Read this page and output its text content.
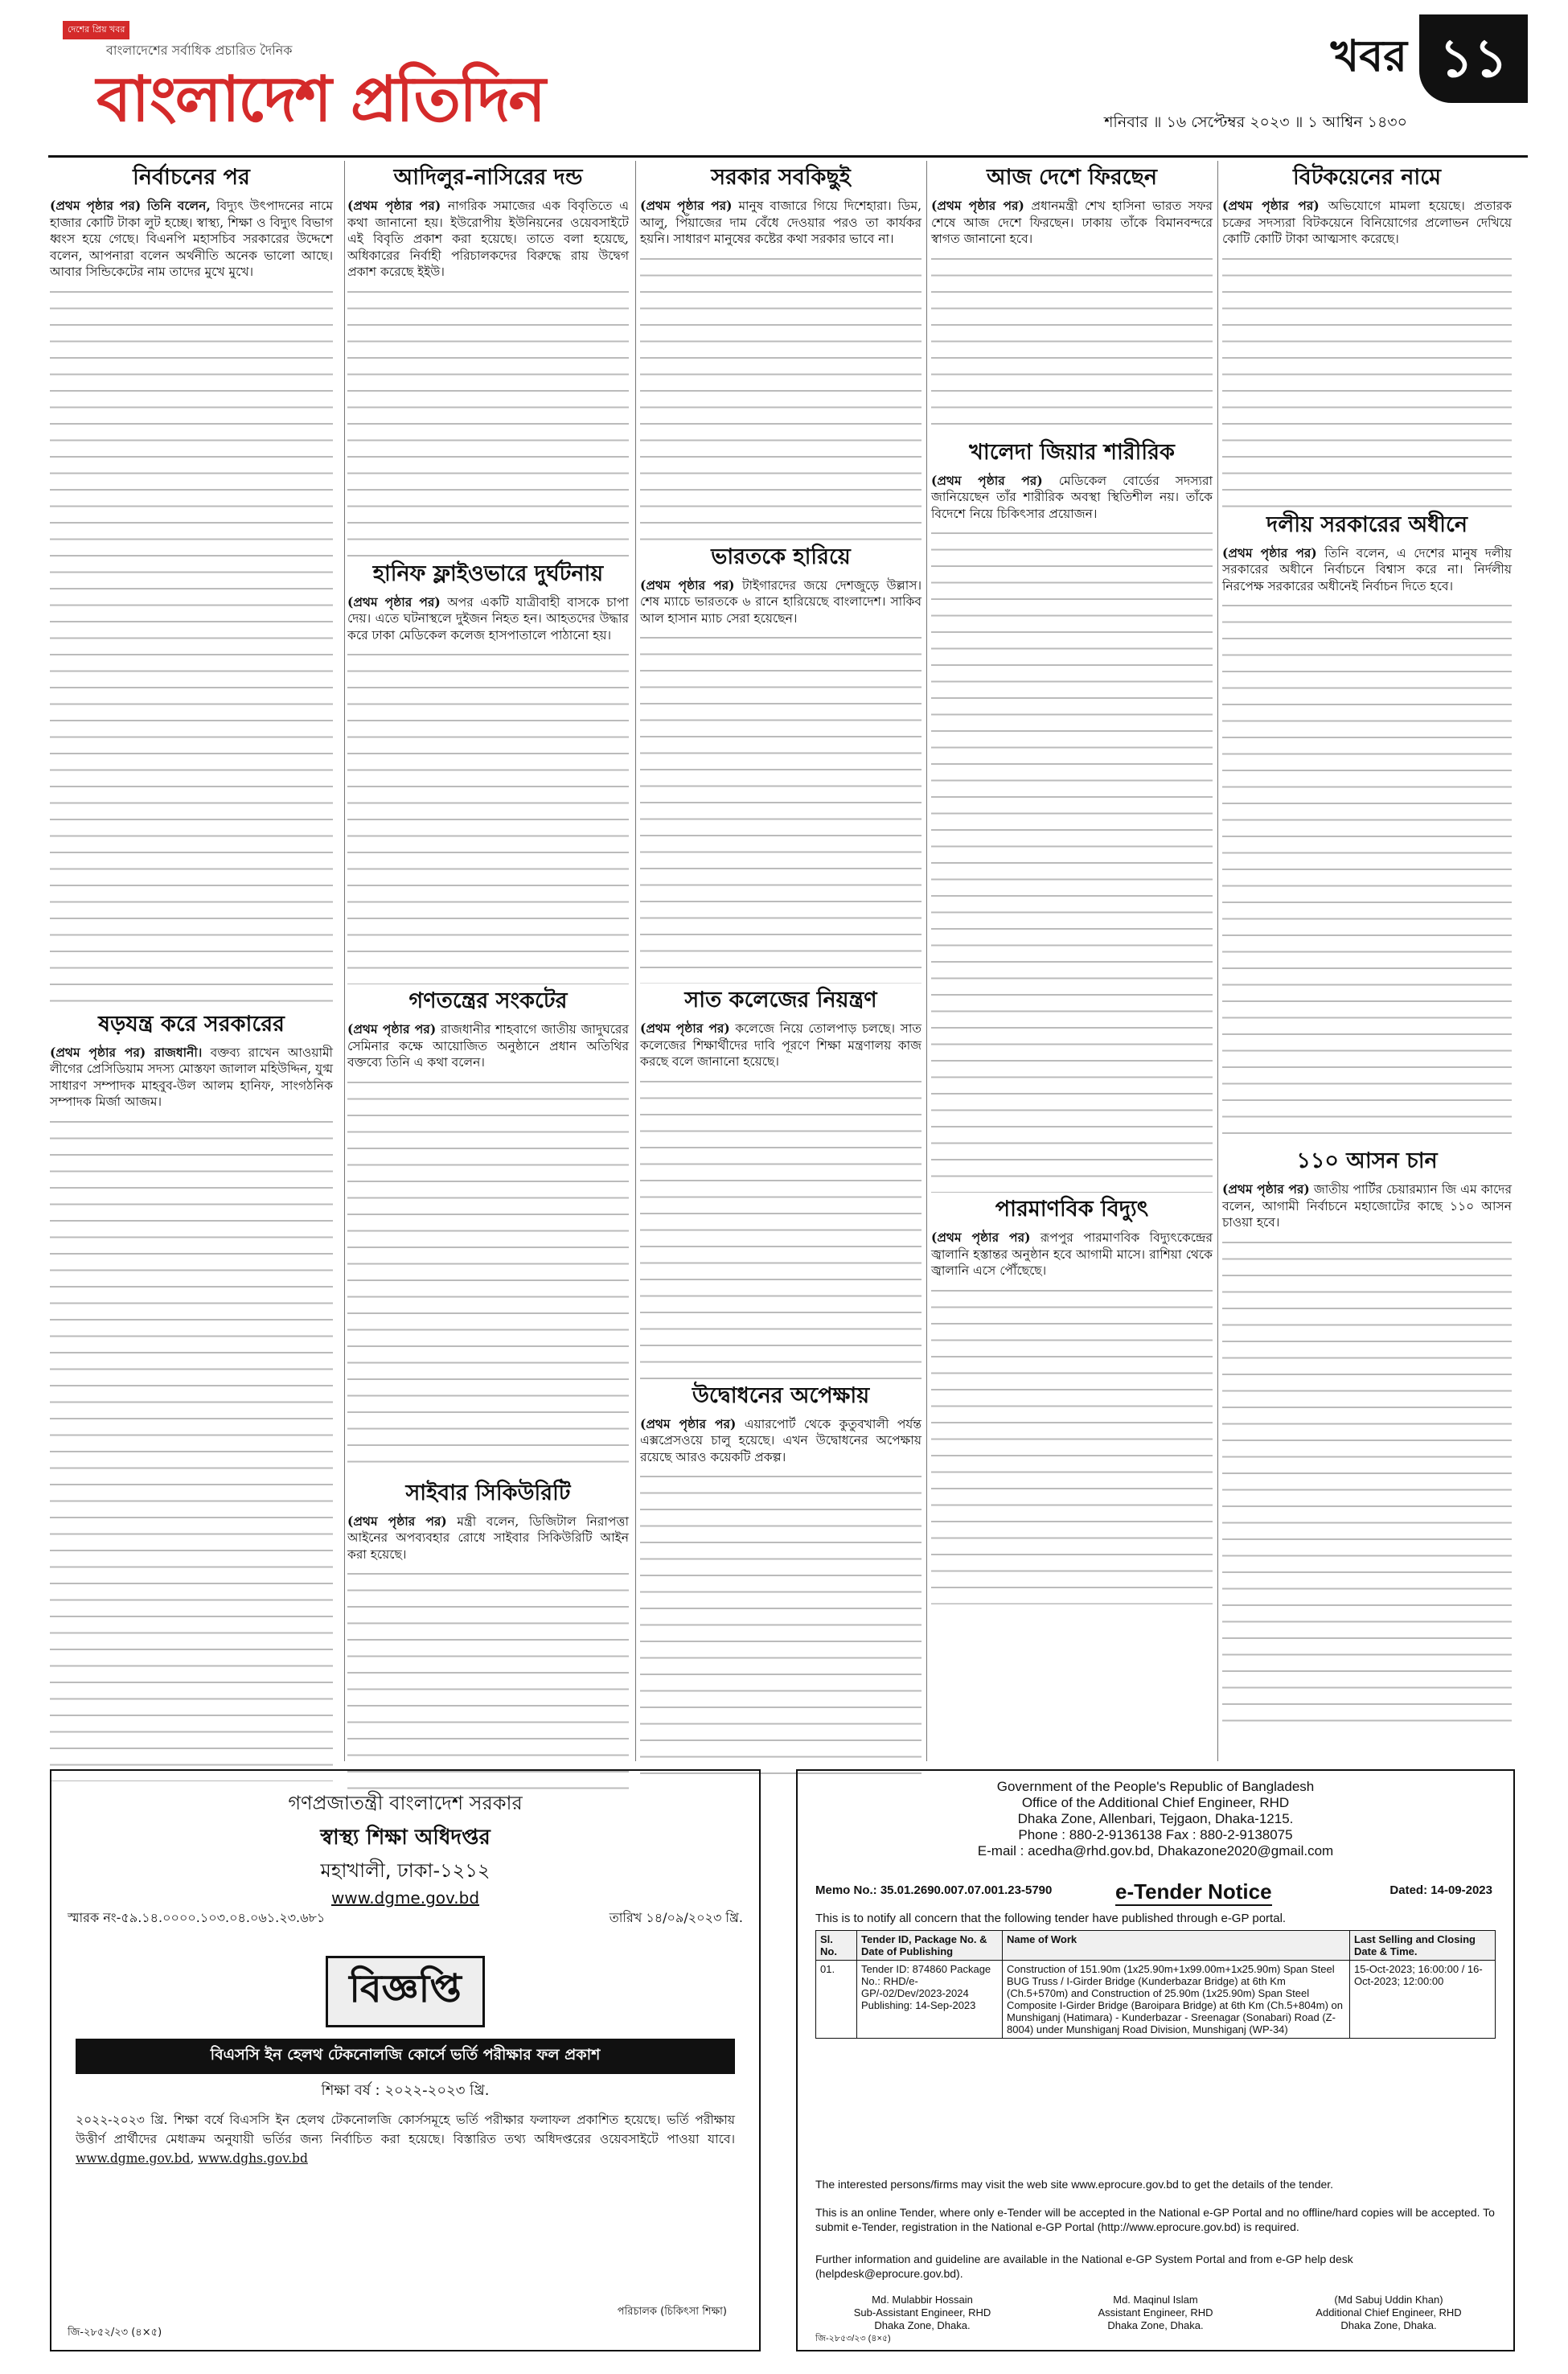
দেশের প্রিয় খবর
বাংলাদেশের সর্বাধিক প্রচারিত দৈনিক
বাংলাদেশ প্রতিদিন
খবর ১১
শনিবার ॥ ১৬ সেপ্টেম্বর ২০২৩ ॥ ১ আশ্বিন ১৪৩০
নির্বাচনের পর

(প্রথম পৃষ্ঠার পর) তিনি বলেন, বিদ্যুৎ উৎপাদনের নামে হাজার কোটি টাকা লুট হচ্ছে। স্বাস্থ্য, শিক্ষা ও বিদ্যুৎ বিভাগ ধ্বংস হয়ে গেছে। বিএনপি মহাসচিব সরকারের উদ্দেশে বলেন, আপনারা বলেন অর্থনীতি অনেক ভালো আছে। আবার সিন্ডিকেটের নাম তাদের মুখে মুখে।

ষড়যন্ত্র করে সরকারের

(প্রথম পৃষ্ঠার পর) রাজধানী। বক্তব্য রাখেন আওয়ামী লীগের প্রেসিডিয়াম সদস্য মোস্তফা জালাল মহিউদ্দিন, যুগ্ম সাধারণ সম্পাদক মাহবুব-উল আলম হানিফ, সাংগঠনিক সম্পাদক মির্জা আজম।

আদিলুর-নাসিরের দন্ড

(প্রথম পৃষ্ঠার পর) নাগরিক সমাজের এক বিবৃতিতে এ কথা জানানো হয়। ইউরোপীয় ইউনিয়নের ওয়েবসাইটে এই বিবৃতি প্রকাশ করা হয়েছে। তাতে বলা হয়েছে, অধিকারের নির্বাহী পরিচালকদের বিরুদ্ধে রায় উদ্বেগ প্রকাশ করেছে ইইউ।

হানিফ ফ্লাইওভারে দুর্ঘটনায়

(প্রথম পৃষ্ঠার পর) অপর একটি যাত্রীবাহী বাসকে চাপা দেয়। এতে ঘটনাস্থলে দুইজন নিহত হন। আহতদের উদ্ধার করে ঢাকা মেডিকেল কলেজ হাসপাতালে পাঠানো হয়।

গণতন্ত্রের সংকটের

(প্রথম পৃষ্ঠার পর) রাজধানীর শাহবাগে জাতীয় জাদুঘরের সেমিনার কক্ষে আয়োজিত অনুষ্ঠানে প্রধান অতিথির বক্তব্যে তিনি এ কথা বলেন।

সাইবার সিকিউরিটি

(প্রথম পৃষ্ঠার পর) মন্ত্রী বলেন, ডিজিটাল নিরাপত্তা আইনের অপব্যবহার রোধে সাইবার সিকিউরিটি আইন করা হয়েছে।

সরকার সবকিছুই

(প্রথম পৃষ্ঠার পর) মানুষ বাজারে গিয়ে দিশেহারা। ডিম, আলু, পিঁয়াজের দাম বেঁধে দেওয়ার পরও তা কার্যকর হয়নি। সাধারণ মানুষের কষ্টের কথা সরকার ভাবে না।

ভারতকে হারিয়ে

(প্রথম পৃষ্ঠার পর) টাইগারদের জয়ে দেশজুড়ে উল্লাস। শেষ ম্যাচে ভারতকে ৬ রানে হারিয়েছে বাংলাদেশ। সাকিব আল হাসান ম্যাচ সেরা হয়েছেন।

সাত কলেজের নিয়ন্ত্রণ

(প্রথম পৃষ্ঠার পর) কলেজে নিয়ে তোলপাড় চলছে। সাত কলেজের শিক্ষার্থীদের দাবি পূরণে শিক্ষা মন্ত্রণালয় কাজ করছে বলে জানানো হয়েছে।

উদ্বোধনের অপেক্ষায়

(প্রথম পৃষ্ঠার পর) এয়ারপোর্ট থেকে কুতুবখালী পর্যন্ত এক্সপ্রেসওয়ে চালু হয়েছে। এখন উদ্বোধনের অপেক্ষায় রয়েছে আরও কয়েকটি প্রকল্প।

আজ দেশে ফিরছেন

(প্রথম পৃষ্ঠার পর) প্রধানমন্ত্রী শেখ হাসিনা ভারত সফর শেষে আজ দেশে ফিরছেন। ঢাকায় তাঁকে বিমানবন্দরে স্বাগত জানানো হবে।

খালেদা জিয়ার শারীরিক

(প্রথম পৃষ্ঠার পর) মেডিকেল বোর্ডের সদস্যরা জানিয়েছেন তাঁর শারীরিক অবস্থা স্থিতিশীল নয়। তাঁকে বিদেশে নিয়ে চিকিৎসার প্রয়োজন।

পারমাণবিক বিদ্যুৎ

(প্রথম পৃষ্ঠার পর) রূপপুর পারমাণবিক বিদ্যুৎকেন্দ্রের জ্বালানি হস্তান্তর অনুষ্ঠান হবে আগামী মাসে। রাশিয়া থেকে জ্বালানি এসে পৌঁছেছে।

বিটকয়েনের নামে

(প্রথম পৃষ্ঠার পর) অভিযোগে মামলা হয়েছে। প্রতারক চক্রের সদস্যরা বিটকয়েনে বিনিয়োগের প্রলোভন দেখিয়ে কোটি কোটি টাকা আত্মসাৎ করেছে।

দলীয় সরকারের অধীনে

(প্রথম পৃষ্ঠার পর) তিনি বলেন, এ দেশের মানুষ দলীয় সরকারের অধীনে নির্বাচনে বিশ্বাস করে না। নির্দলীয় নিরপেক্ষ সরকারের অধীনেই নির্বাচন দিতে হবে।

১১০ আসন চান

(প্রথম পৃষ্ঠার পর) জাতীয় পার্টির চেয়ারম্যান জি এম কাদের বলেন, আগামী নির্বাচনে মহাজোটের কাছে ১১০ আসন চাওয়া হবে।

গণপ্রজাতন্ত্রী বাংলাদেশ সরকার
স্বাস্থ্য শিক্ষা অধিদপ্তর
মহাখালী, ঢাকা-১২১২
www.dgme.gov.bd
স্মারক নং-৫৯.১৪.০০০০.১০৩.০৪.০৬১.২৩.৬৮১	তারিখ ১৪/০৯/২০২৩ খ্রি.
বিজ্ঞপ্তি
বিএসসি ইন হেলথ টেকনোলজি কোর্সে ভর্তি পরীক্ষার ফল প্রকাশ
শিক্ষা বর্ষ : ২০২২-২০২৩ খ্রি.
২০২২-২০২৩ খ্রি. শিক্ষা বর্ষে বিএসসি ইন হেলথ টেকনোলজি কোর্সসমূহে ভর্তি পরীক্ষার ফলাফল প্রকাশিত হয়েছে। ভর্তি পরীক্ষায় উত্তীর্ণ প্রার্থীদের মেধাক্রম অনুযায়ী ভর্তির জন্য নির্বাচিত করা হয়েছে। বিস্তারিত তথ্য অধিদপ্তরের ওয়েবসাইটে পাওয়া যাবে। www.dgme.gov.bd, www.dghs.gov.bd
পরিচালক (চিকিৎসা শিক্ষা)
জি-২৮৫২/২৩ (৪×৫)
Government of the People's Republic of Bangladesh
Office of the Additional Chief Engineer, RHD
Dhaka Zone, Allenbari, Tejgaon, Dhaka-1215.
Phone : 880-2-9136138 Fax : 880-2-9138075
E-mail : acedha@rhd.gov.bd, Dhakazone2020@gmail.com
Memo No.: 35.01.2690.007.07.001.23-5790	e-Tender Notice	Dated: 14-09-2023
This is to notify all concern that the following tender have published through e-GP portal.
Sl. No.	Tender ID, Package No. & Date of Publishing	Name of Work	Last Selling and Closing Date & Time.
01.	Tender ID: 874860 Package No.: RHD/e-GP/-02/Dev/2023-2024 Publishing: 14-Sep-2023	Construction of 151.90m (1x25.90m+1x99.00m+1x25.90m) Span Steel BUG Truss / I-Girder Bridge (Kunderbazar Bridge) at 6th Km (Ch.5+570m) and Construction of 25.90m (1x25.90m) Span Steel Composite I-Girder Bridge (Baroipara Bridge) at 6th Km (Ch.5+804m) on Munshiganj (Hatimara) - Kunderbazar - Sreenagar (Sonabari) Road (Z-8004) under Munshiganj Road Division, Munshiganj (WP-34)	15-Oct-2023; 16:00:00 / 16-Oct-2023; 12:00:00
The interested persons/firms may visit the web site www.eprocure.gov.bd to get the details of the tender.
This is an online Tender, where only e-Tender will be accepted in the National e-GP Portal and no offline/hard copies will be accepted. To submit e-Tender, registration in the National e-GP Portal (http://www.eprocure.gov.bd) is required.
Further information and guideline are available in the National e-GP System Portal and from e-GP help desk (helpdesk@eprocure.gov.bd).
Md. Mulabbir Hossain
Sub-Assistant Engineer, RHD
Dhaka Zone, Dhaka.
Md. Maqinul Islam
Assistant Engineer, RHD
Dhaka Zone, Dhaka.
(Md Sabuj Uddin Khan)
Additional Chief Engineer, RHD
Dhaka Zone, Dhaka.
জি-২৮৫৩/২৩ (৪×৫)
